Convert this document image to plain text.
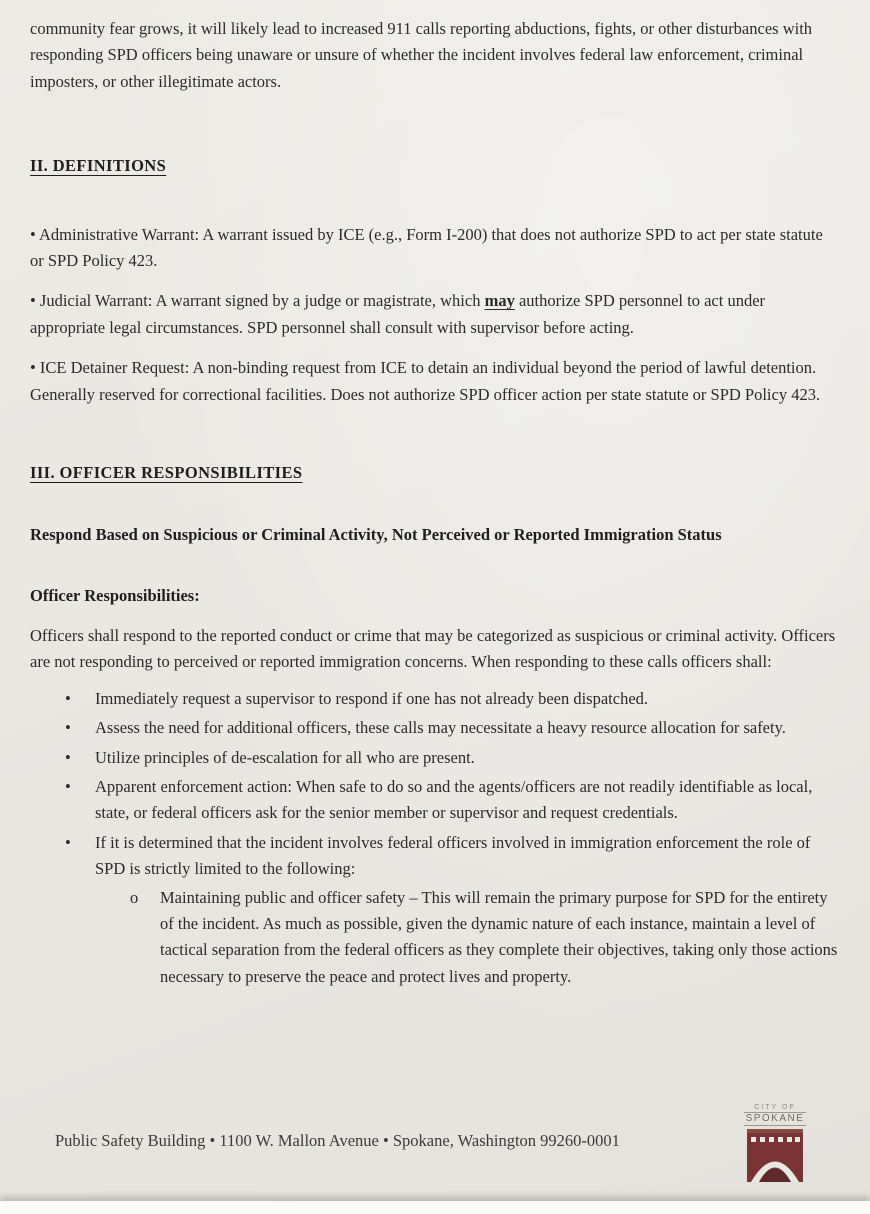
community fear grows, it will likely lead to increased 911 calls reporting abductions, fights, or other disturbances with responding SPD officers being unaware or unsure of whether the incident involves federal law enforcement, criminal imposters, or other illegitimate actors.

II. DEFINITIONS

• Administrative Warrant: A warrant issued by ICE (e.g., Form I-200) that does not authorize SPD to act per state statute or SPD Policy 423.

• Judicial Warrant: A warrant signed by a judge or magistrate, which may authorize SPD personnel to act under appropriate legal circumstances. SPD personnel shall consult with supervisor before acting.

• ICE Detainer Request: A non-binding request from ICE to detain an individual beyond the period of lawful detention. Generally reserved for correctional facilities. Does not authorize SPD officer action per state statute or SPD Policy 423.

III. OFFICER RESPONSIBILITIES

Respond Based on Suspicious or Criminal Activity, Not Perceived or Reported Immigration Status

Officer Responsibilities:

Officers shall respond to the reported conduct or crime that may be categorized as suspicious or criminal activity. Officers are not responding to perceived or reported immigration concerns. When responding to these calls officers shall:

•	Immediately request a supervisor to respond if one has not already been dispatched.
•	Assess the need for additional officers, these calls may necessitate a heavy resource allocation for safety.
•	Utilize principles of de-escalation for all who are present.
•	Apparent enforcement action: When safe to do so and the agents/officers are not readily identifiable as local, state, or federal officers ask for the senior member or supervisor and request credentials.
•	If it is determined that the incident involves federal officers involved in immigration enforcement the role of SPD is strictly limited to the following:
o	Maintaining public and officer safety – This will remain the primary purpose for SPD for the entirety of the incident. As much as possible, given the dynamic nature of each instance, maintain a level of tactical separation from the federal officers as they complete their objectives, taking only those actions necessary to preserve the peace and protect lives and property.
Public Safety Building • 1100 W. Mallon Avenue • Spokane, Washington 99260-0001
CITY OF
SPOKANE
